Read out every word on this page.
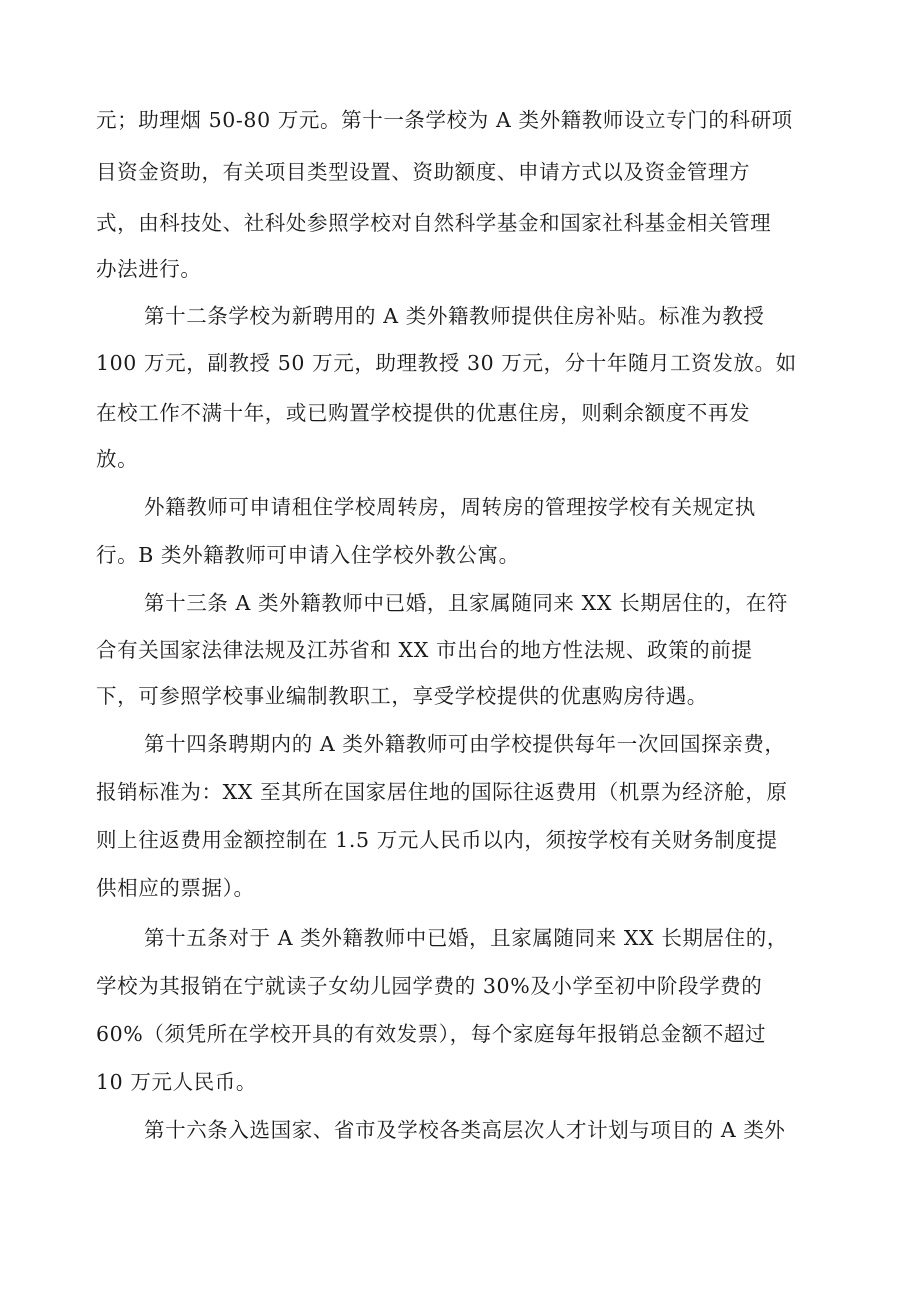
元；助理烟 50-80 万元。第十一条学校为 A 类外籍教师设立专门的科研项
目资金资助，有关项目类型设置、资助额度、申请方式以及资金管理方
式，由科技处、社科处参照学校对自然科学基金和国家社科基金相关管理
办法进行。
第十二条学校为新聘用的 A 类外籍教师提供住房补贴。标准为教授
100 万元，副教授 50 万元，助理教授 30 万元，分十年随月工资发放。如
在校工作不满十年，或已购置学校提供的优惠住房，则剩余额度不再发
放。
外籍教师可申请租住学校周转房，周转房的管理按学校有关规定执
行。B 类外籍教师可申请入住学校外教公寓。
第十三条 A 类外籍教师中已婚，且家属随同来 XX 长期居住的，在符
合有关国家法律法规及江苏省和 XX 市出台的地方性法规、政策的前提
下，可参照学校事业编制教职工，享受学校提供的优惠购房待遇。
第十四条聘期内的 A 类外籍教师可由学校提供每年一次回国探亲费，
报销标准为：XX 至其所在国家居住地的国际往返费用（机票为经济舱，原
则上往返费用金额控制在 1.5 万元人民币以内，须按学校有关财务制度提
供相应的票据）。
第十五条对于 A 类外籍教师中已婚，且家属随同来 XX 长期居住的，
学校为其报销在宁就读子女幼儿园学费的 30%及小学至初中阶段学费的
60%（须凭所在学校开具的有效发票），每个家庭每年报销总金额不超过
10 万元人民币。
第十六条入选国家、省市及学校各类高层次人才计划与项目的 A 类外
